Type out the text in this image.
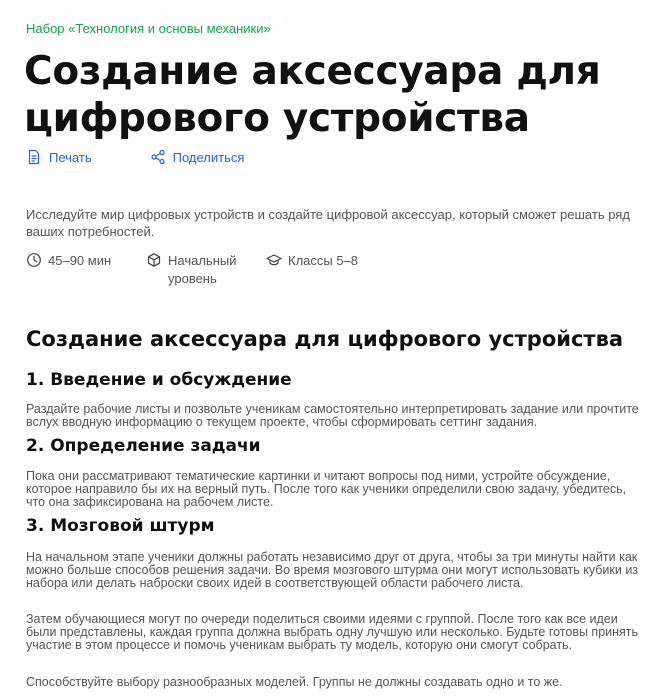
Набор «Технология и основы механики»
Создание аксессуара для цифрового устройства
Печать	Поделиться

Исследуйте мир цифровых устройств и создайте цифровой аксессуар, который сможет решать ряд ваших потребностей.

45–90 мин	Начальный уровень
Классы 5–8
Создание аксессуара для цифрового устройства
1. Введение и обсуждение

Раздайте рабочие листы и позвольте ученикам самостоятельно интерпретировать задание или прочтите вслух вводную информацию о текущем проекте, чтобы сформировать сеттинг задания.

2. Определение задачи

Пока они рассматривают тематические картинки и читают вопросы под ними, устройте обсуждение, которое направило бы их на верный путь. После того как ученики определили свою задачу, убедитесь, что она зафиксирована на рабочем листе.

3. Мозговой штурм

На начальном этапе ученики должны работать независимо друг от друга, чтобы за три минуты найти как можно больше способов решения задачи. Во время мозгового штурма они могут использовать кубики из набора или делать наброски своих идей в соответствующей области рабочего листа.

Затем обучающиеся могут по очереди поделиться своими идеями с группой. После того как все идеи были представлены, каждая группа должна выбрать одну лучшую или несколько. Будьте готовы принять участие в этом процессе и помочь ученикам выбрать ту модель, которую они смогут собрать.

Способствуйте выбору разнообразных моделей. Группы не должны создавать одно и то же.
